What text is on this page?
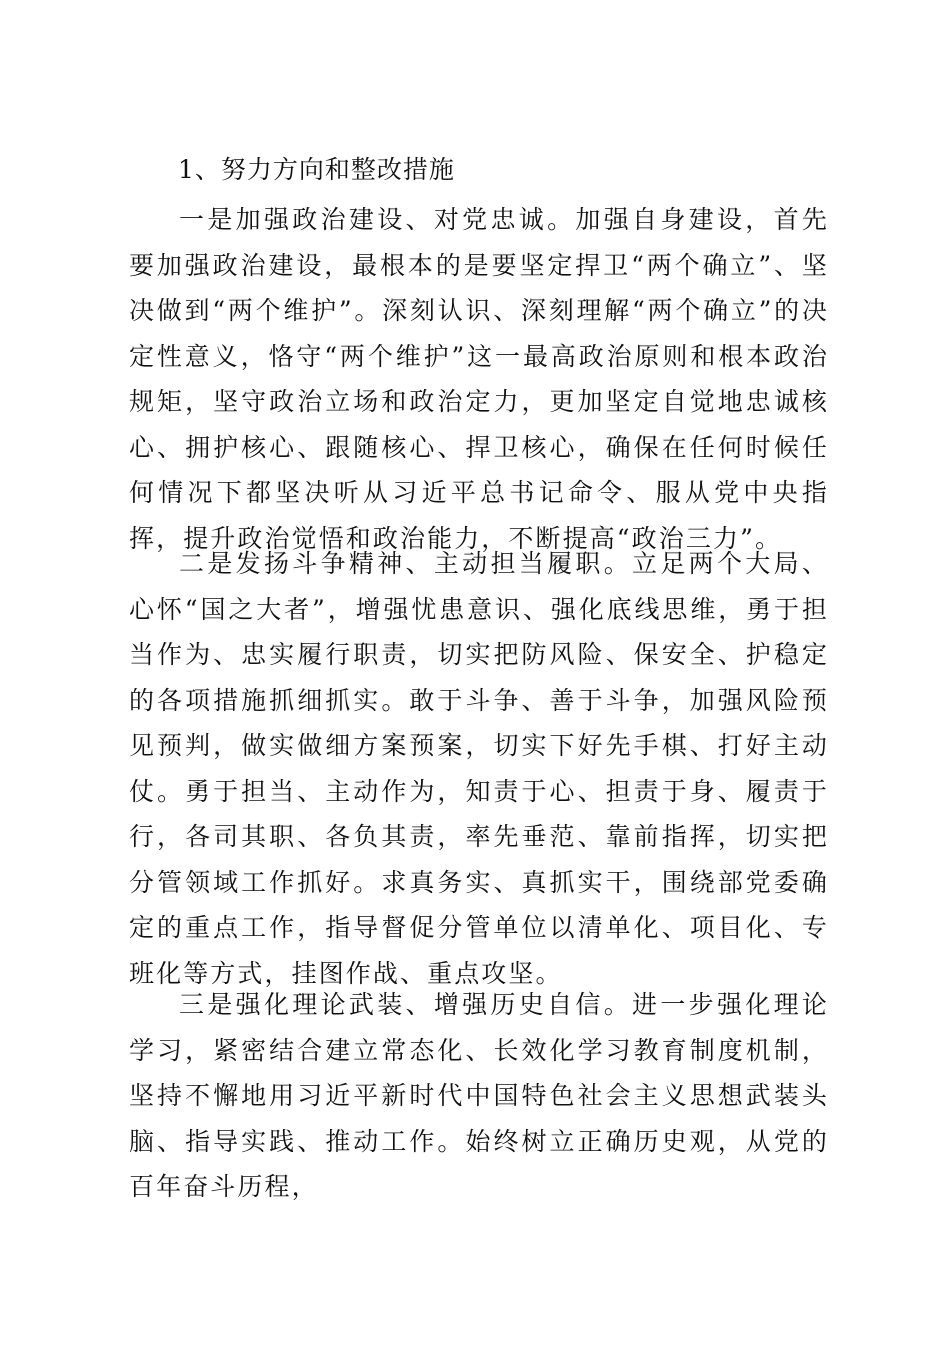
1、努力方向和整改措施

一是加强政治建设、对党忠诚。加强自身建设，首先要加强政治建设，最根本的是要坚定捍卫“两个确立”、坚决做到“两个维护”。深刻认识、深刻理解“两个确立”的决定性意义，恪守“两个维护”这一最高政治原则和根本政治规矩，坚守政治立场和政治定力，更加坚定自觉地忠诚核心、拥护核心、跟随核心、捍卫核心，确保在任何时候任何情况下都坚决听从习近平总书记命令、服从党中央指挥，提升政治觉悟和政治能力，不断提高“政治三力”。

二是发扬斗争精神、主动担当履职。立足两个大局、心怀“国之大者”，增强忧患意识、强化底线思维，勇于担当作为、忠实履行职责，切实把防风险、保安全、护稳定的各项措施抓细抓实。敢于斗争、善于斗争，加强风险预见预判，做实做细方案预案，切实下好先手棋、打好主动仗。勇于担当、主动作为，知责于心、担责于身、履责于行，各司其职、各负其责，率先垂范、靠前指挥，切实把分管领域工作抓好。求真务实、真抓实干，围绕部党委确定的重点工作，指导督促分管单位以清单化、项目化、专班化等方式，挂图作战、重点攻坚。

三是强化理论武装、增强历史自信。进一步强化理论学习，紧密结合建立常态化、长效化学习教育制度机制，坚持不懈地用习近平新时代中国特色社会主义思想武装头脑、指导实践、推动工作。始终树立正确历史观，从党的百年奋斗历程，
